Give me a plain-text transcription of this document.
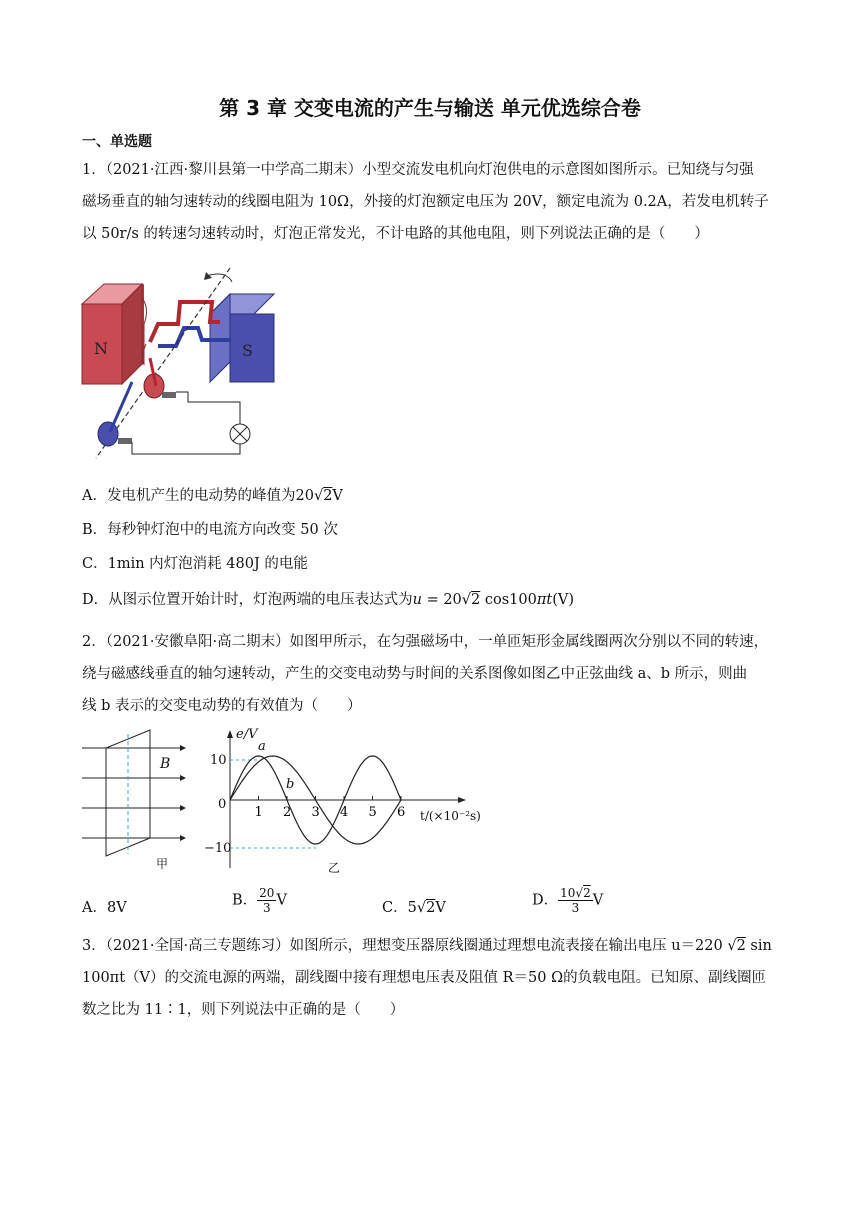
第 3 章 交变电流的产生与输送 单元优选综合卷
一、单选题
1．（2021·江西·黎川县第一中学高二期末）小型交流发电机向灯泡供电的示意图如图所示。已知绕与匀强
磁场垂直的轴匀速转动的线圈电阻为 10Ω，外接的灯泡额定电压为 20V，额定电流为 0.2A，若发电机转子
以 50r/s 的转速匀速转动时，灯泡正常发光，不计电路的其他电阻，则下列说法正确的是（　　）
N	S
A．发电机产生的电动势的峰值为20√2V
B．每秒钟灯泡中的电流方向改变 50 次
C．1min 内灯泡消耗 480J 的电能
D．从图示位置开始计时，灯泡两端的电压表达式为u = 20√2 cos100πt(V)
2．（2021·安徽阜阳·高二期末）如图甲所示，在匀强磁场中，一单匝矩形金属线圈两次分别以不同的转速，
绕与磁感线垂直的轴匀速转动，产生的交变电动势与时间的关系图像如图乙中正弦曲线 a、b 所示，则曲
线 b 表示的交变电动势的有效值为（　　）
B
甲
e/V
10
0
−10
a
b
1 2 3 4 5 6 t/(×10⁻²s)
乙
A．8V	B． $\frac{20}{3}$ V	C．5√2V	D． $\frac{10√2}{3}$ V
3．（2021·全国·高三专题练习）如图所示，理想变压器原线圈通过理想电流表接在输出电压 u＝220 √2 sin
100πt（V）的交流电源的两端，副线圈中接有理想电压表及阻值 R＝50 Ω的负载电阻。已知原、副线圈匝
数之比为 11∶1，则下列说法中正确的是（　　）
